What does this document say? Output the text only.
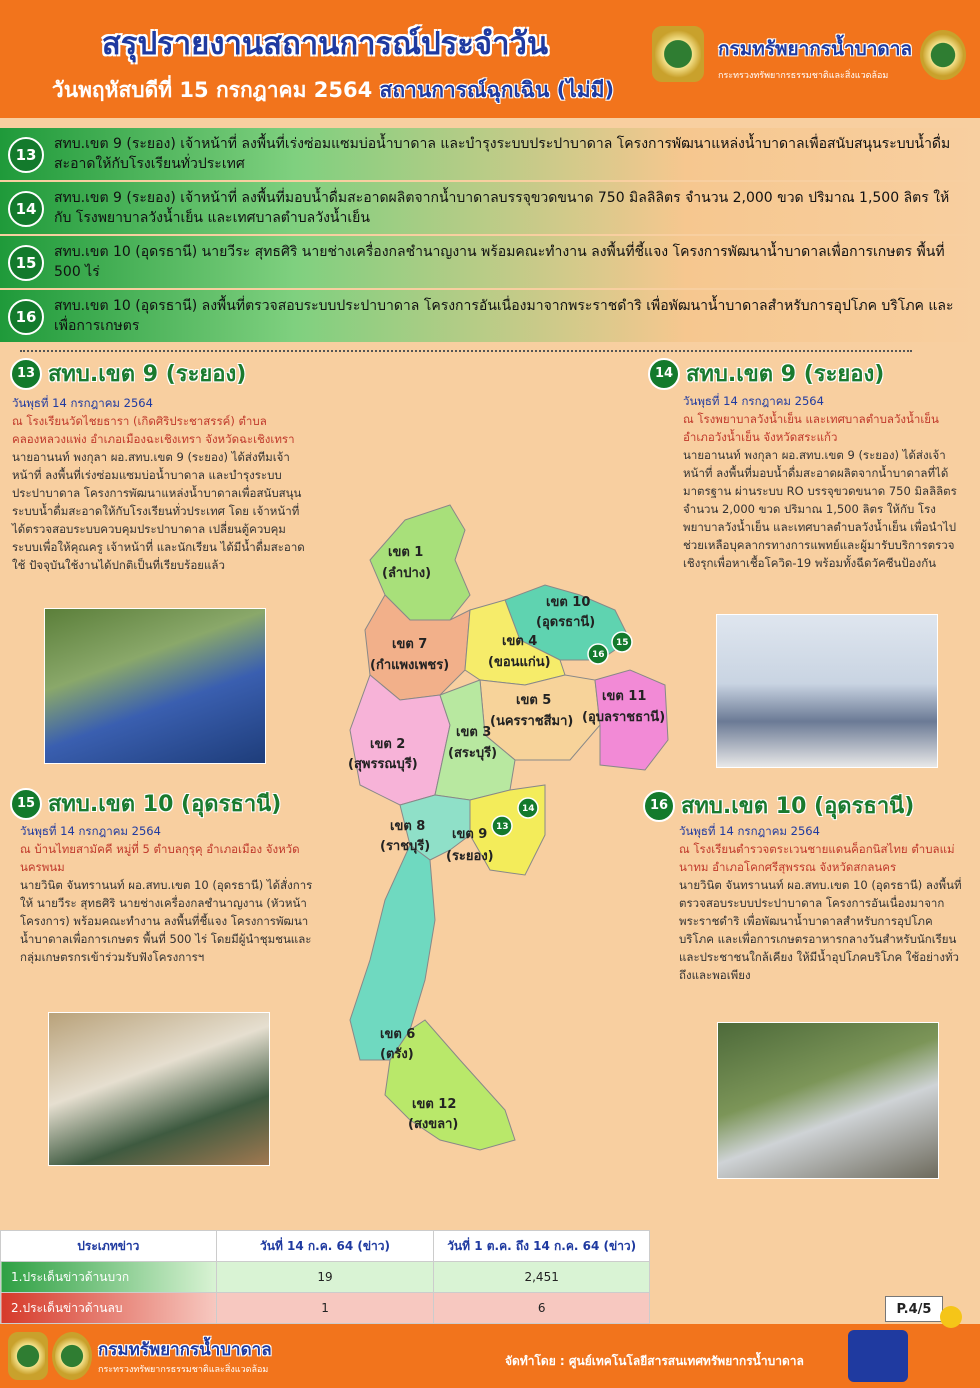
สรุปรายงานสถานการณ์ประจำวัน
วันพฤหัสบดีที่ 15 กรกฎาคม 2564 สถานการณ์ฉุกเฉิน (ไม่มี)
กรมทรัพยากรน้ำบาดาล
กระทรวงทรัพยากรธรรมชาติและสิ่งแวดล้อม
13
สทบ.เขต 9 (ระยอง) เจ้าหน้าที่ ลงพื้นที่เร่งซ่อมแซมบ่อน้ำบาดาล และบำรุงระบบประปาบาดาล โครงการพัฒนาแหล่งน้ำบาดาลเพื่อสนับสนุนระบบน้ำดื่มสะอาดให้กับโรงเรียนทั่วประเทศ
14
สทบ.เขต 9 (ระยอง) เจ้าหน้าที่ ลงพื้นที่มอบน้ำดื่มสะอาดผลิตจากน้ำบาดาลบรรจุขวดขนาด 750 มิลลิลิตร จำนวน 2,000 ขวด ปริมาณ 1,500 ลิตร ให้กับ โรงพยาบาลวังน้ำเย็น และเทศบาลตำบลวังน้ำเย็น
15
สทบ.เขต 10 (อุดรธานี) นายวีระ สุทธศิริ นายช่างเครื่องกลชำนาญงาน พร้อมคณะทำงาน ลงพื้นที่ชี้แจง โครงการพัฒนาน้ำบาดาลเพื่อการเกษตร พื้นที่ 500 ไร่
16
สทบ.เขต 10 (อุดรธานี) ลงพื้นที่ตรวจสอบระบบประปาบาดาล โครงการอันเนื่องมาจากพระราชดำริ เพื่อพัฒนาน้ำบาดาลสำหรับการอุปโภค บริโภค และเพื่อการเกษตร
13 สทบ.เขต 9 (ระยอง)
วันพุธที่ 14 กรกฎาคม 2564
ณ โรงเรียนวัดไชยธารา (เกิดศิริประชาสรรค์) ตำบลคลองหลวงแพ่ง อำเภอเมืองฉะเชิงเทรา จังหวัดฉะเชิงเทรา
นายอานนท์ พงกุลา ผอ.สทบ.เขต 9 (ระยอง) ได้ส่งทีมเจ้าหน้าที่ ลงพื้นที่เร่งซ่อมแซมบ่อน้ำบาดาล และบำรุงระบบประปาบาดาล โครงการพัฒนาแหล่งน้ำบาดาลเพื่อสนับสนุนระบบน้ำดื่มสะอาดให้กับโรงเรียนทั่วประเทศ โดย เจ้าหน้าที่ได้ตรวจสอบระบบควบคุมประปาบาดาล เปลี่ยนตู้ควบคุมระบบเพื่อให้คุณครู เจ้าหน้าที่ และนักเรียน ได้มีน้ำดื่มสะอาดใช้ ปัจจุบันใช้งานได้ปกติเป็นที่เรียบร้อยแล้ว
14 สทบ.เขต 9 (ระยอง)
วันพุธที่ 14 กรกฎาคม 2564
ณ โรงพยาบาลวังน้ำเย็น และเทศบาลตำบลวังน้ำเย็น อำเภอวังน้ำเย็น จังหวัดสระแก้ว
นายอานนท์ พงกุลา ผอ.สทบ.เขต 9 (ระยอง) ได้ส่งเจ้าหน้าที่ ลงพื้นที่มอบน้ำดื่มสะอาดผลิตจากน้ำบาดาลที่ได้มาตรฐาน ผ่านระบบ RO บรรจุขวดขนาด 750 มิลลิลิตร จำนวน 2,000 ขวด ปริมาณ 1,500 ลิตร ให้กับ โรงพยาบาลวังน้ำเย็น และเทศบาลตำบลวังน้ำเย็น เพื่อนำไปช่วยเหลือบุคลากรทางการแพทย์และผู้มารับบริการตรวจเชิงรุกเพื่อหาเชื้อโควิด-19 พร้อมทั้งฉีดวัคซีนป้องกัน
15 สทบ.เขต 10 (อุดรธานี)
วันพุธที่ 14 กรกฎาคม 2564
ณ บ้านไทยสามัคคี หมู่ที่ 5 ตำบลกุรุคุ อำเภอเมือง จังหวัดนครพนม
นายวินิต จันทรานนท์ ผอ.สทบ.เขต 10 (อุดรธานี) ได้สั่งการให้ นายวีระ สุทธศิริ นายช่างเครื่องกลชำนาญงาน (หัวหน้าโครงการ) พร้อมคณะทำงาน ลงพื้นที่ชี้แจง โครงการพัฒนาน้ำบาดาลเพื่อการเกษตร พื้นที่ 500 ไร่ โดยมีผู้นำชุมชนและกลุ่มเกษตรกรเข้าร่วมรับฟังโครงการฯ
16 สทบ.เขต 10 (อุดรธานี)
วันพุธที่ 14 กรกฎาคม 2564
ณ โรงเรียนตำรวจตระเวนชายแดนค็อกนิสไทย ตำบลแม่นาทม อำเภอโคกศรีสุพรรณ จังหวัดสกลนคร
นายวินิต จันทรานนท์ ผอ.สทบ.เขต 10 (อุดรธานี) ลงพื้นที่ ตรวจสอบระบบประปาบาดาล โครงการอันเนื่องมาจากพระราชดำริ เพื่อพัฒนาน้ำบาดาลสำหรับการอุปโภค บริโภค และเพื่อการเกษตรอาหารกลางวันสำหรับนักเรียนและประชาชนใกล้เคียง ให้มีน้ำอุปโภคบริโภค ใช้อย่างทั่วถึงและพอเพียง
เขต 1
(ลำปาง)
เขต 7
(กำแพงเพชร)
เขต 10
(อุดรธานี)
เขต 4
(ขอนแก่น)
เขต 5
(นครราชสีมา)
เขต 11
(อุบลราชธานี)
เขต 2
(สุพรรณบุรี)
เขต 3
(สระบุรี)
เขต 8
(ราชบุรี)
เขต 9
(ระยอง)
เขต 6
(ตรัง)
เขต 12
(สงขลา)
15
16
14
13
ประเภทข่าว	วันที่ 14 ก.ค. 64 (ข่าว)	วันที่ 1 ต.ค. ถึง 14 ก.ค. 64 (ข่าว)
1.ประเด็นข่าวด้านบวก	19	2,451
2.ประเด็นข่าวด้านลบ	1	6	P.4/5
กรมทรัพยากรน้ำบาดาล
กระทรวงทรัพยากรธรรมชาติและสิ่งแวดล้อม
จัดทำโดย : ศูนย์เทคโนโลยีสารสนเทศทรัพยากรน้ำบาดาล
